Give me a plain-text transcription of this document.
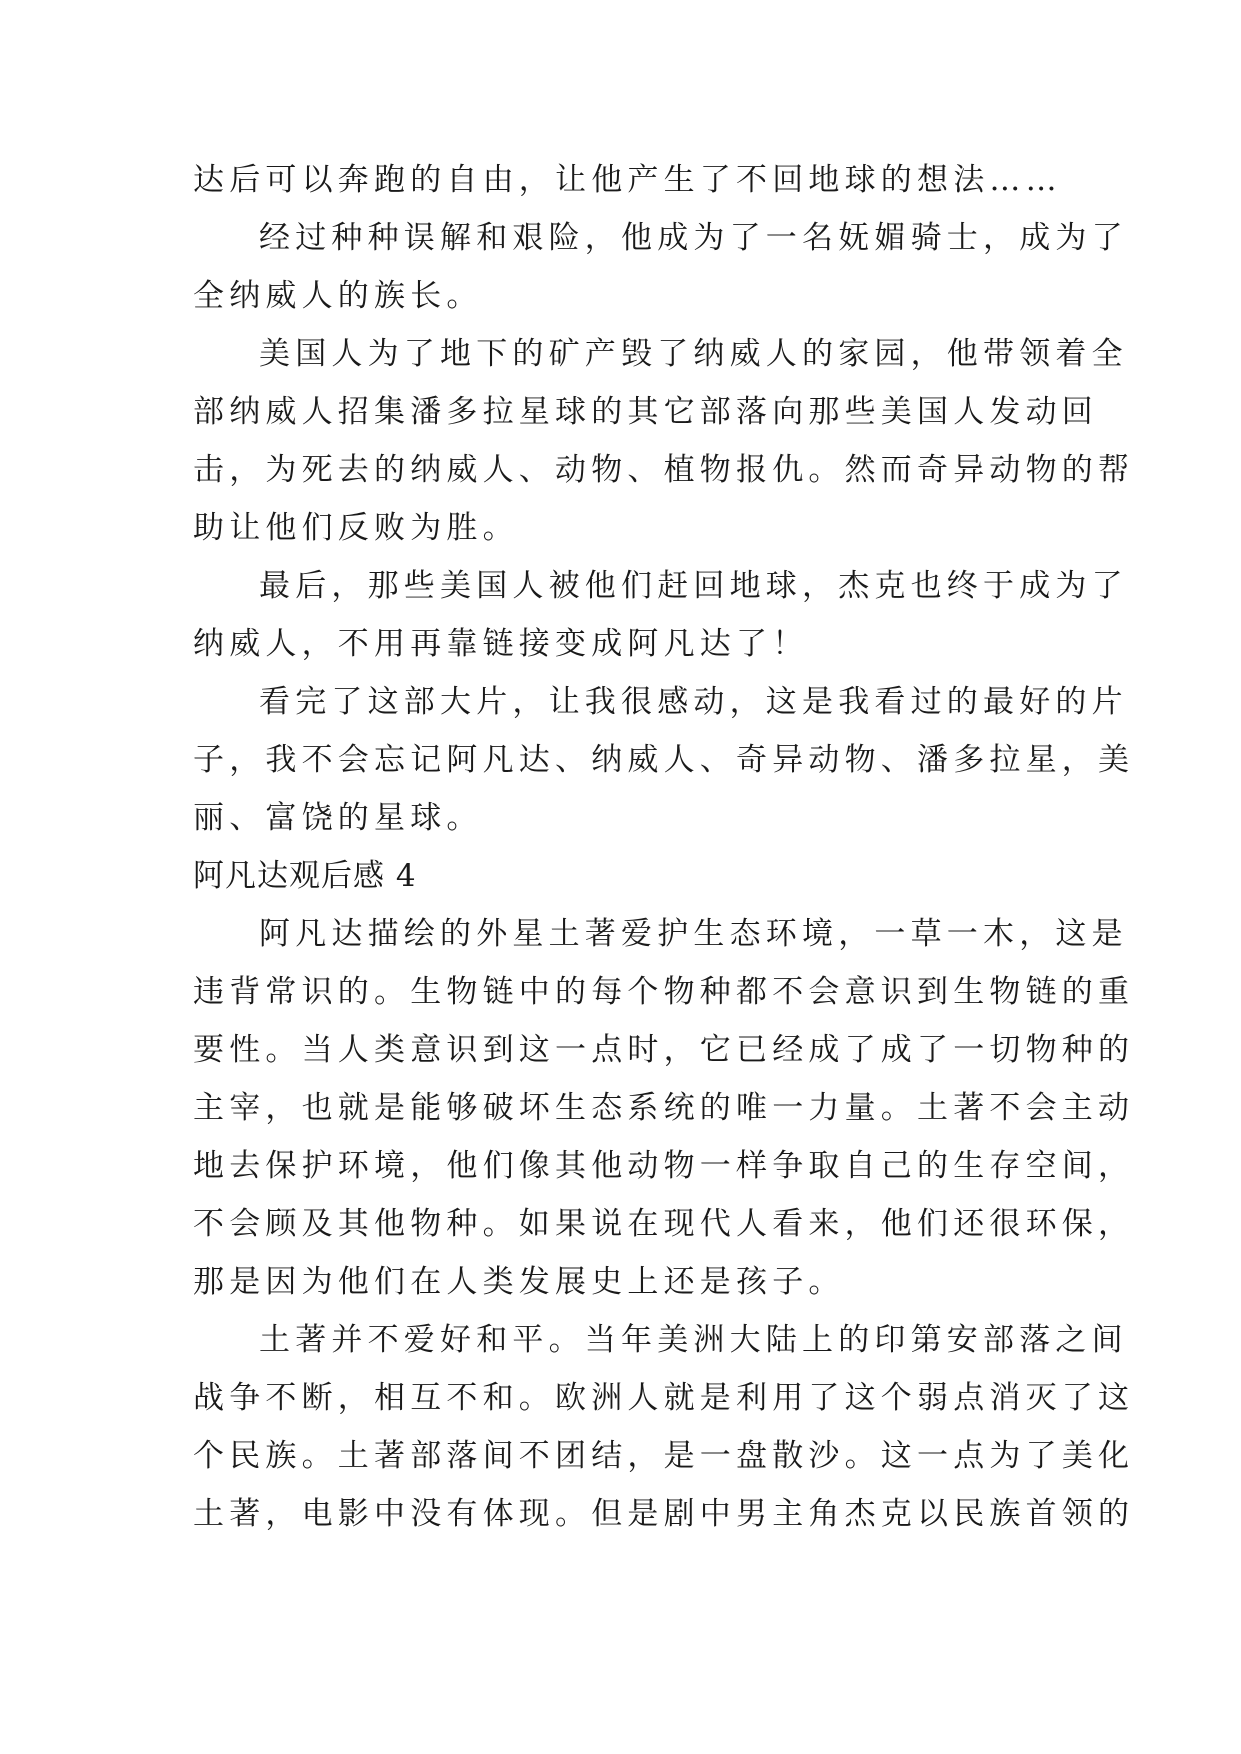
达后可以奔跑的自由，让他产生了不回地球的想法……
经过种种误解和艰险，他成为了一名妩媚骑士，成为了
全纳威人的族长。
美国人为了地下的矿产毁了纳威人的家园，他带领着全
部纳威人招集潘多拉星球的其它部落向那些美国人发动回
击，为死去的纳威人、动物、植物报仇。然而奇异动物的帮
助让他们反败为胜。
最后，那些美国人被他们赶回地球，杰克也终于成为了
纳威人，不用再靠链接变成阿凡达了！
看完了这部大片，让我很感动，这是我看过的最好的片
子，我不会忘记阿凡达、纳威人、奇异动物、潘多拉星，美
丽、富饶的星球。
阿凡达观后感 4
阿凡达描绘的外星土著爱护生态环境，一草一木，这是
违背常识的。生物链中的每个物种都不会意识到生物链的重
要性。当人类意识到这一点时，它已经成了成了一切物种的
主宰，也就是能够破坏生态系统的唯一力量。土著不会主动
地去保护环境，他们像其他动物一样争取自己的生存空间，
不会顾及其他物种。如果说在现代人看来，他们还很环保，
那是因为他们在人类发展史上还是孩子。
土著并不爱好和平。当年美洲大陆上的印第安部落之间
战争不断，相互不和。欧洲人就是利用了这个弱点消灭了这
个民族。土著部落间不团结，是一盘散沙。这一点为了美化
土著，电影中没有体现。但是剧中男主角杰克以民族首领的
